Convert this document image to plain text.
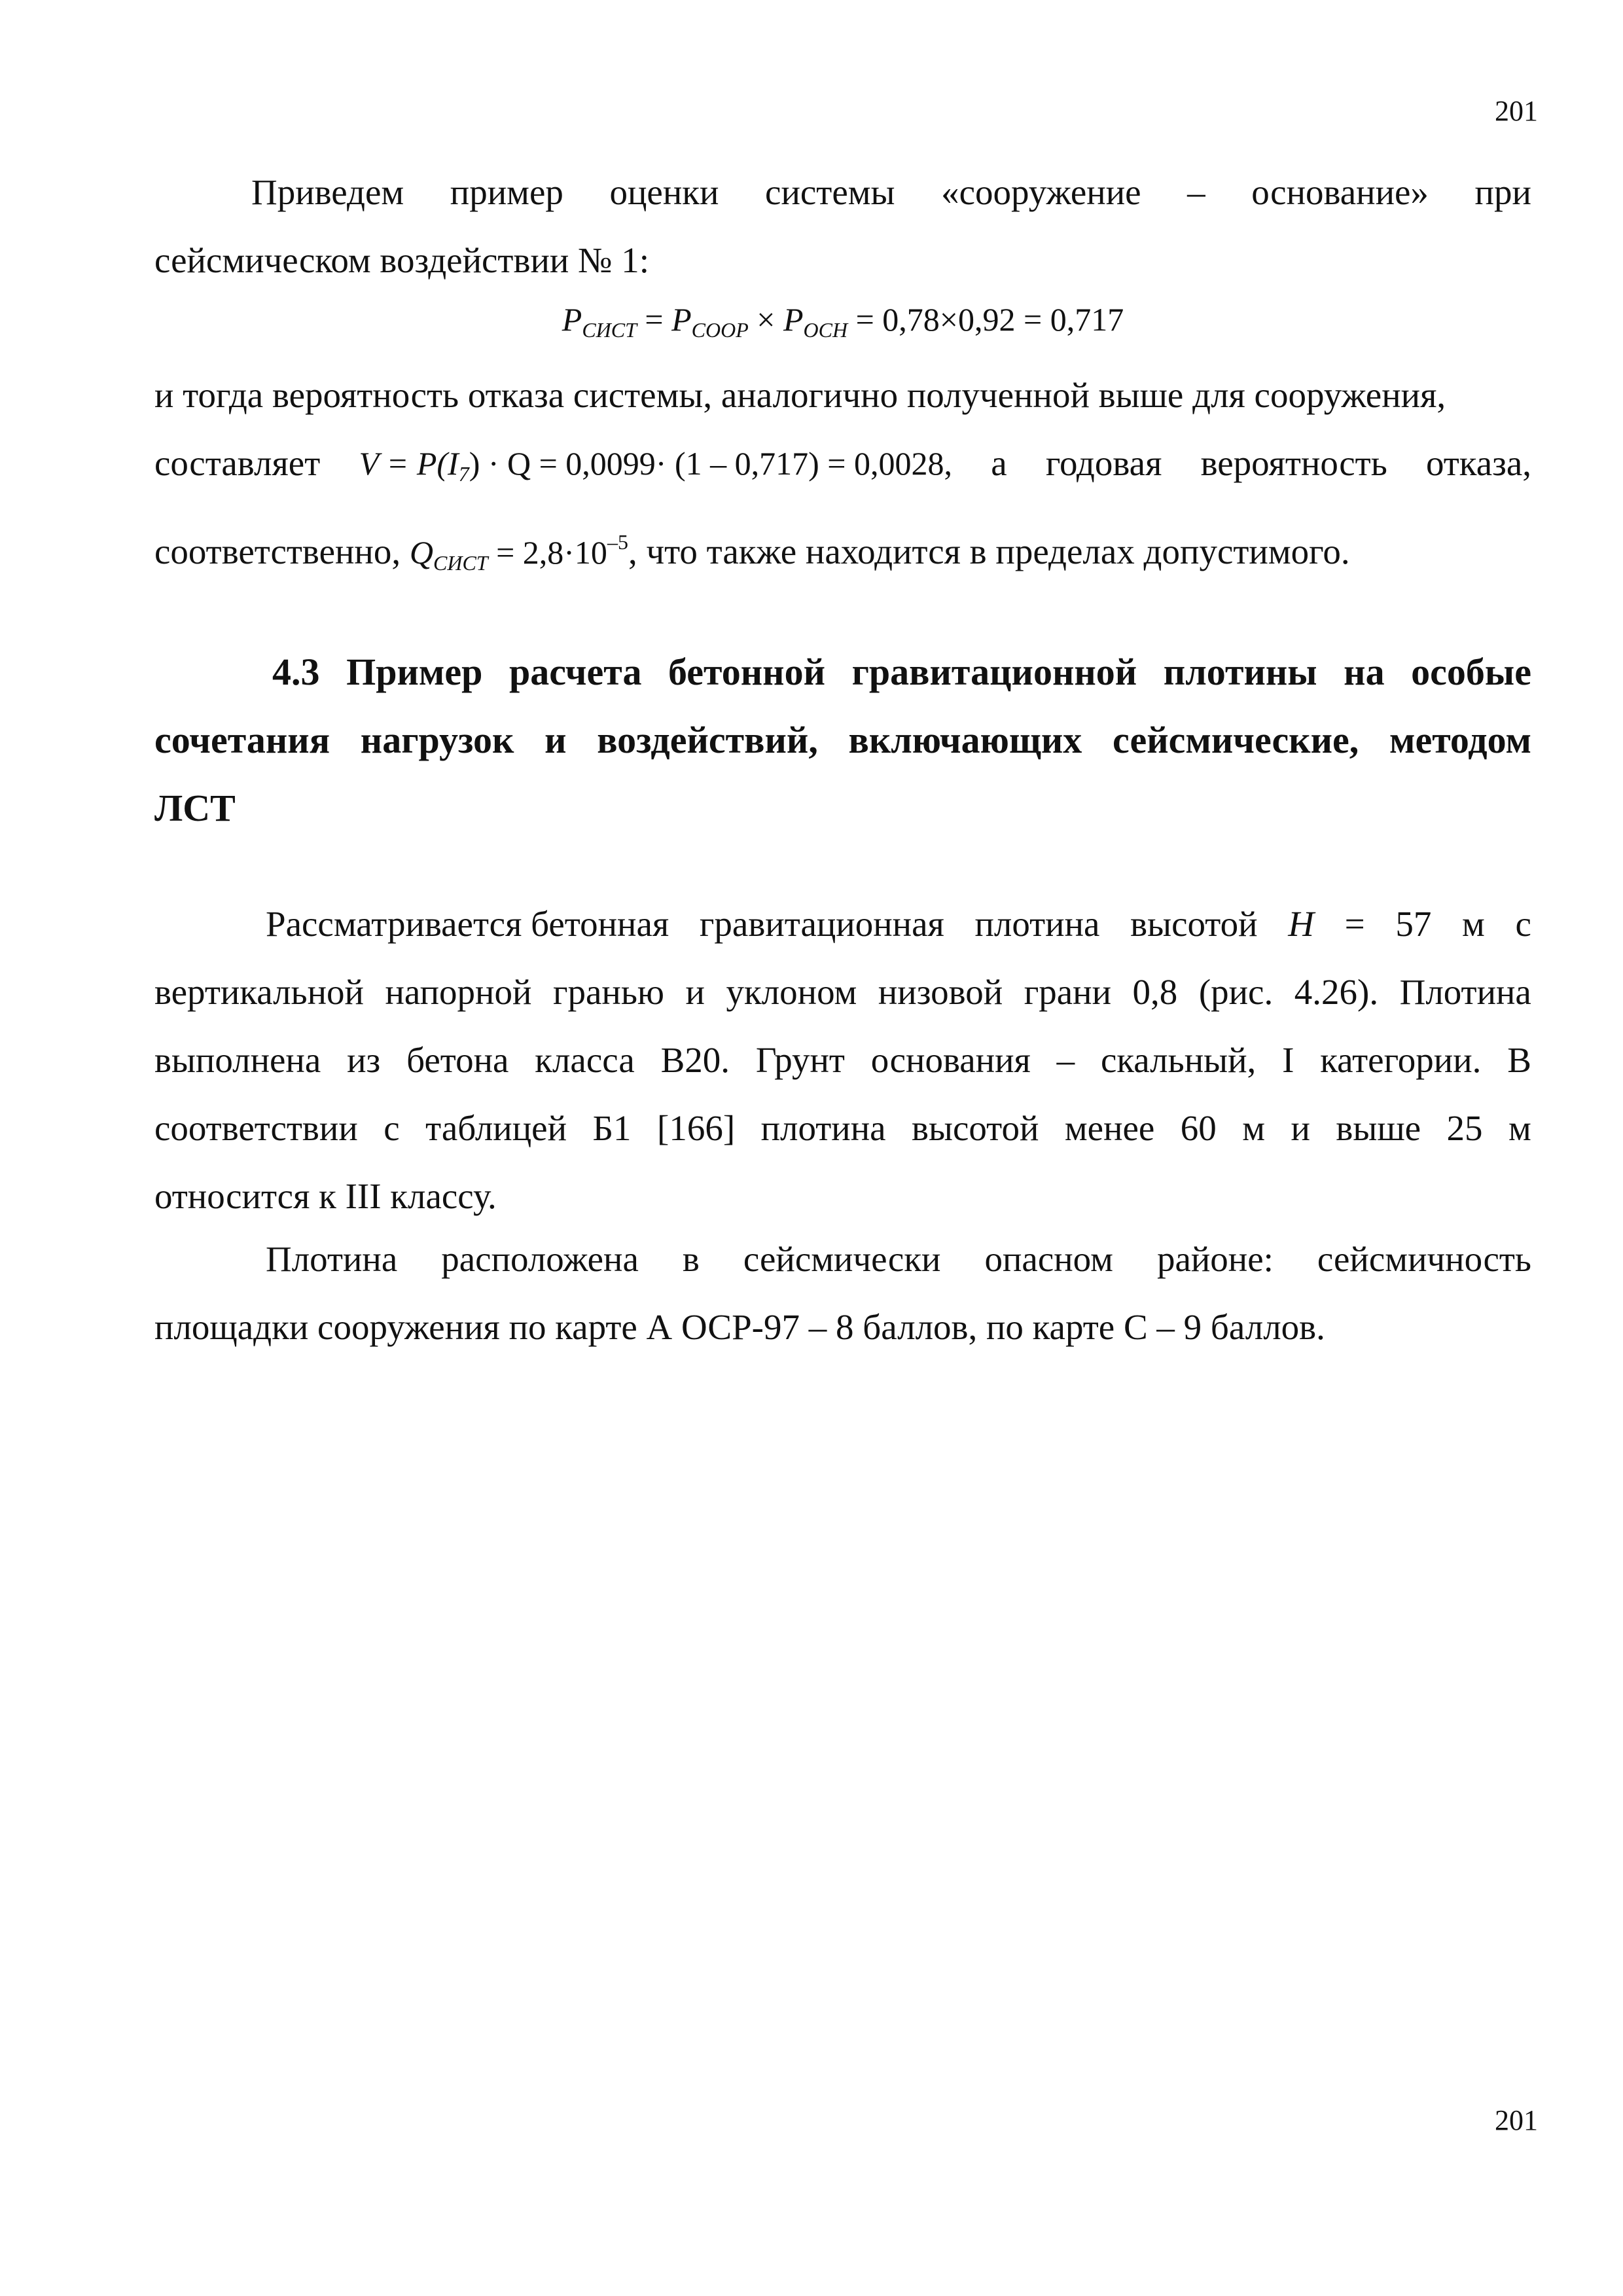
201
Приведем пример оценки системы «сооружение – основание» при
сейсмическом воздействии № 1:
$P_{СИСТ} = P_{СООР} \times P_{ОСН} = 0,78\times 0,92 = 0,717$
и тогда вероятность отказа системы, аналогично полученной выше для сооружения,
составляет $V = P(I_7) \cdot Q = 0,0099\cdot (1 - 0,717) = 0,0028$, а годовая вероятность отказа,
соответственно, $Q_{СИСТ} = 2,8\cdot 10^{-5}$, что также находится в пределах допустимого.
4.3 Пример расчета бетонной гравитационной плотины на особые
сочетания нагрузок и воздействий, включающих сейсмические, методом
ЛСТ
Рассматривается бетонная гравитационная плотина высотой H = 57 м с
вертикальной напорной гранью и уклоном низовой грани 0,8 (рис. 4.26). Плотина
выполнена из бетона класса В20. Грунт основания – скальный, I категории. В
соответствии с таблицей Б1 [166] плотина высотой менее 60 м и выше 25 м
относится к III классу.
Плотина расположена в сейсмически опасном районе: сейсмичность
площадки сооружения по карте А ОСР-97 – 8 баллов, по карте С – 9 баллов.
201
